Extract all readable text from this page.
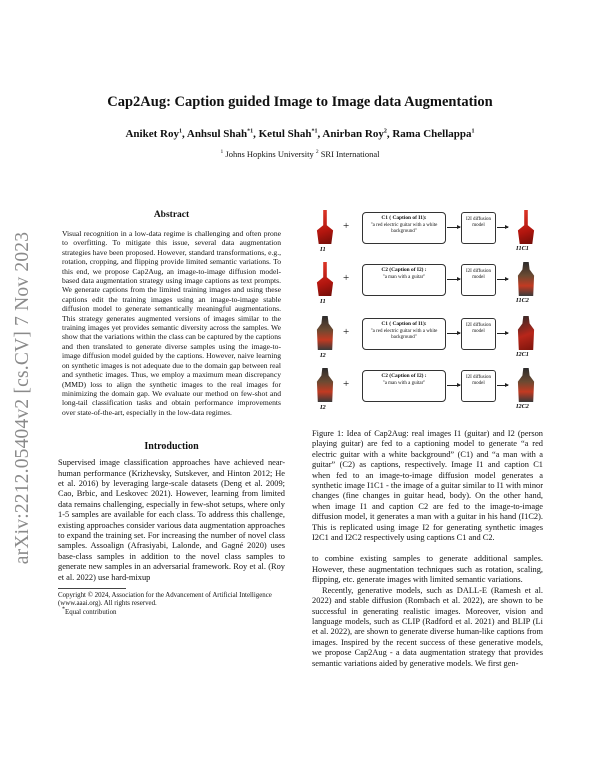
arXiv:2212.05404v2 [cs.CV] 7 Nov 2023
Cap2Aug: Caption guided Image to Image data Augmentation
Aniket Roy$^1$, Anhsul Shah$^{*1}$, Ketul Shah$^{*1}$, Anirban Roy$^2$, Rama Chellappa$^1$
$^1$ Johns Hopkins University $^2$ SRI International
Abstract
Visual recognition in a low-data regime is challenging and often prone to overfitting. To mitigate this issue, several data augmentation strategies have been proposed. However, standard transformations, e.g., rotation, cropping, and flipping provide limited semantic variations. To this end, we propose Cap2Aug, an image-to-image diffusion model-based data augmentation strategy using image captions as text prompts. We generate captions from the limited training images and using these captions edit the training images using an image-to-image stable diffusion model to generate semantically meaningful augmentations. This strategy generates augmented versions of images similar to the training images yet provides semantic diversity across the samples. We show that the variations within the class can be captured by the captions and then translated to generate diverse samples using the image-to-image diffusion model guided by the captions. However, naive learning on synthetic images is not adequate due to the domain gap between real and synthetic images. Thus, we employ a maximum mean discrepancy (MMD) loss to align the synthetic images to the real images for minimizing the domain gap. We evaluate our method on few-shot and long-tail classification tasks and obtain performance improvements over state-of-the-art, especially in the low-data regimes.
Introduction

Supervised image classification approaches have achieved near-human performance (Krizhevsky, Sutskever, and Hinton 2012; He et al. 2016) by leveraging large-scale datasets (Deng et al. 2009; Cao, Brbic, and Leskovec 2021). However, learning from limited data remains challenging, especially in few-shot setups, where only 1-5 samples are available for each class. To address this challenge, existing approaches consider various data augmentation approaches to expand the training set. For increasing the number of novel class samples. Assoalign (Afrasiyabi, Lalonde, and Gagné 2020) uses base-class samples in addition to the novel class samples to generate new samples in an adversarial framework. Roy et al. (Roy et al. 2022) use hard-mixup

Copyright © 2024, Association for the Advancement of Artificial Intelligence (www.aaai.org). All rights reserved.
*Equal contribution
I1
+
C1 ( Caption of I1):
"a red electric guitar with a white background"
I2I diffusion model
I1C1
I1
+
C2 (Caption of I2) :
"a man with a guitar"
I2I diffusion model
I1C2
I2
+
C1 ( Caption of I1):
"a red electric guitar with a white background"
I2I diffusion model
I2C1
I2
+
C2 (Caption of I2) :
"a man with a guitar"
I2I diffusion model
I2C2
Figure 1: Idea of Cap2Aug: real images I1 (guitar) and I2 (person playing guitar) are fed to a captioning model to generate “a red electric guitar with a white background” (C1) and “a man with a guitar” (C2) as captions, respectively. Image I1 and caption C1 when fed to an image-to-image diffusion model generates a synthetic image I1C1 - the image of a guitar similar to I1 with minor changes (fine changes in guitar head, body). On the other hand, when image I1 and caption C2 are fed to the image-to-image diffusion model, it generates a man with a guitar in his hand (I1C2). This is replicated using image I2 for generating synthetic images I2C1 and I2C2 respectively using captions C1 and C2.

to combine existing samples to generate additional samples. However, these augmentation techniques such as rotation, scaling, flipping, etc. generate images with limited semantic variations.

Recently, generative models, such as DALL-E (Ramesh et al. 2022) and stable diffusion (Rombach et al. 2022), are shown to be successful in generating realistic images. Moreover, vision and language models, such as CLIP (Radford et al. 2021) and BLIP (Li et al. 2022), are shown to generate diverse human-like captions from images. Inspired by the recent success of these generative models, we propose Cap2Aug - a data augmentation strategy that provides semantic variations aided by generative models. We first gen-
